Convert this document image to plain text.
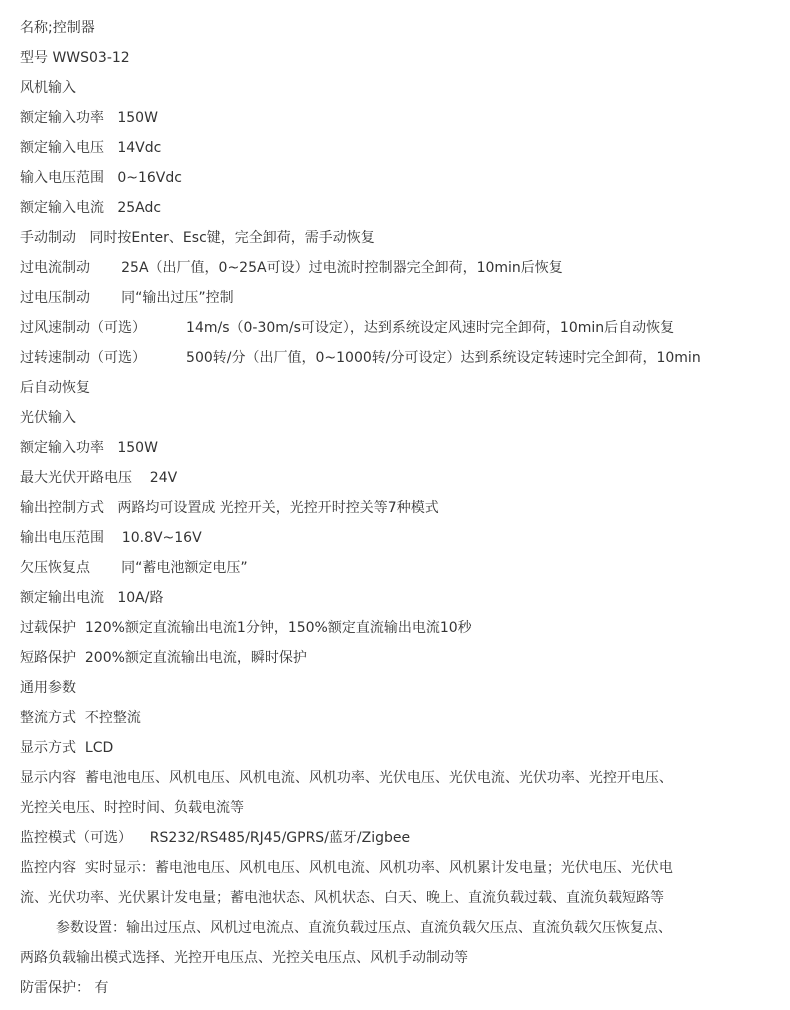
名称;控制器
型号 WWS03-12
风机输入
额定输入功率   150W
额定输入电压   14Vdc
输入电压范围   0~16Vdc
额定输入电流   25Adc
手动制动   同时按Enter、Esc键，完全卸荷，需手动恢复
过电流制动       25A（出厂值，0~25A可设）过电流时控制器完全卸荷，10min后恢复
过电压制动       同“输出过压”控制
过风速制动（可选）         14m/s（0-30m/s可设定），达到系统设定风速时完全卸荷，10min后自动恢复
过转速制动（可选）         500转/分（出厂值，0~1000转/分可设定）达到系统设定转速时完全卸荷，10min
后自动恢复
光伏输入
额定输入功率   150W
最大光伏开路电压    24V
输出控制方式   两路均可设置成 光控开关，光控开时控关等7种模式
输出电压范围    10.8V~16V
欠压恢复点       同“蓄电池额定电压”
额定输出电流   10A/路
过载保护  120%额定直流输出电流1分钟，150%额定直流输出电流10秒
短路保护  200%额定直流输出电流，瞬时保护
通用参数
整流方式  不控整流
显示方式  LCD
显示内容  蓄电池电压、风机电压、风机电流、风机功率、光伏电压、光伏电流、光伏功率、光控开电压、
光控关电压、时控时间、负载电流等
监控模式（可选）    RS232/RS485/RJ45/GPRS/蓝牙/Zigbee
监控内容  实时显示：蓄电池电压、风机电压、风机电流、风机功率、风机累计发电量；光伏电压、光伏电
流、光伏功率、光伏累计发电量；蓄电池状态、风机状态、白天、晚上、直流负载过载、直流负载短路等
参数设置：输出过压点、风机过电流点、直流负载过压点、直流负载欠压点、直流负载欠压恢复点、
两路负载输出模式选择、光控开电压点、光控关电压点、风机手动制动等
防雷保护： 有
